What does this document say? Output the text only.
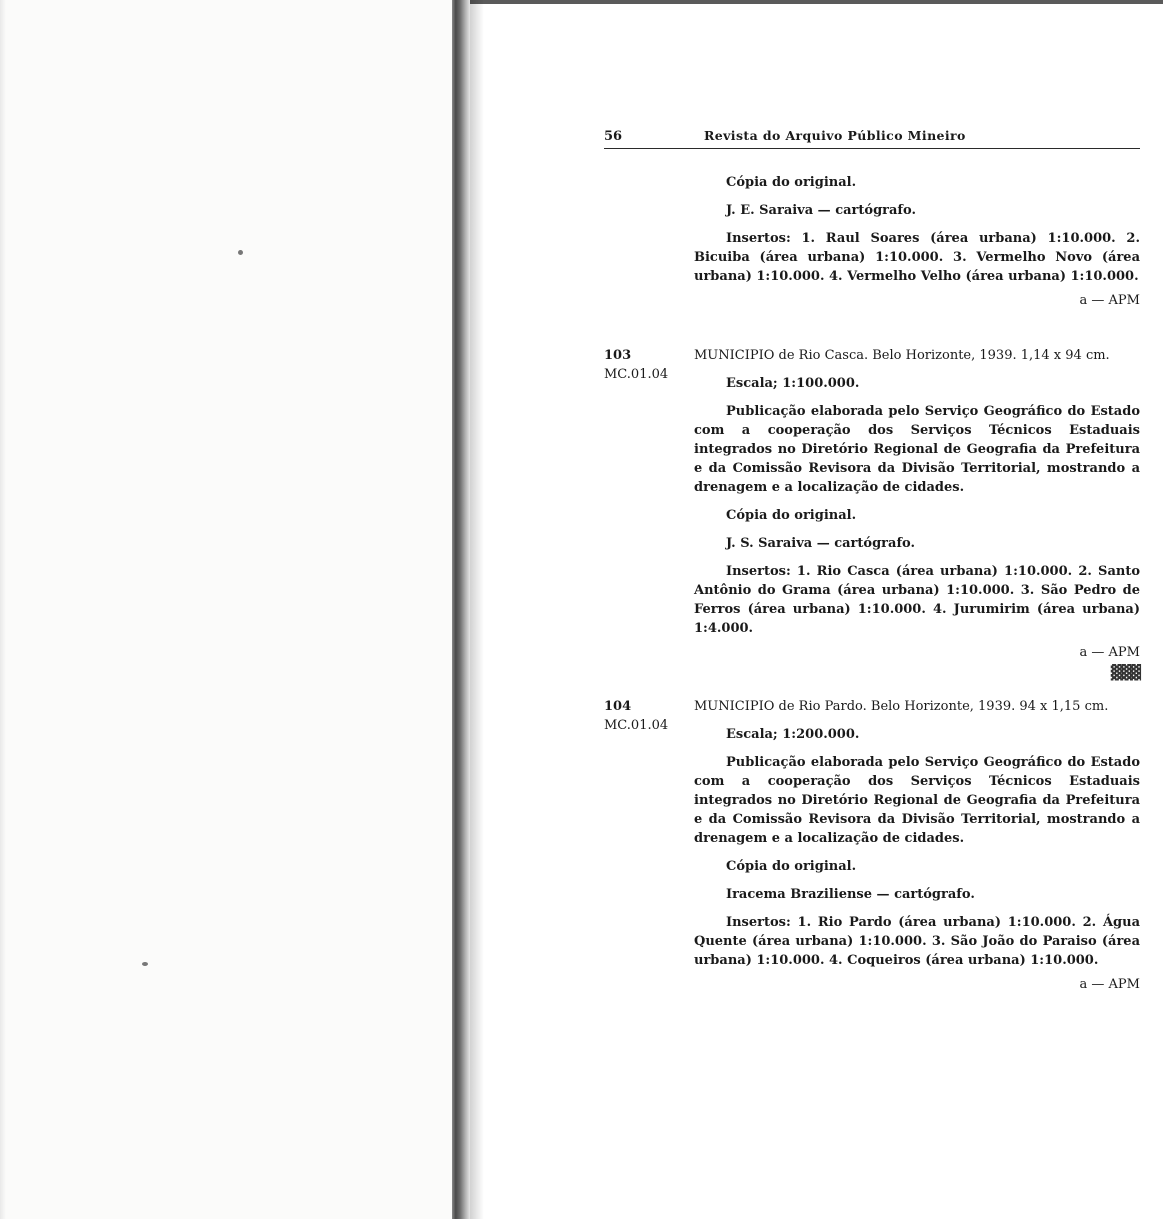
56	Revista do Arquivo Público Mineiro

Cópia do original.

J. E. Saraiva — cartógrafo.

Insertos: 1. Raul Soares (área urbana) 1:10.000. 2. Bicuiba (área urbana) 1:10.000. 3. Vermelho Novo (área urbana) 1:10.000. 4. Vermelho Velho (área urbana) 1:10.000.

a — APM

103
MC.01.04

MUNICIPIO de Rio Casca. Belo Horizonte, 1939. 1,14 x 94 cm.

Escala; 1:100.000.

Publicação elaborada pelo Serviço Geográfico do Estado com a cooperação dos Serviços Técnicos Estaduais integrados no Diretório Regional de Geografia da Prefeitura e da Comissão Revisora da Divisão Territorial, mostrando a drenagem e a localização de cidades.

Cópia do original.

J. S. Saraiva — cartógrafo.

Insertos: 1. Rio Casca (área urbana) 1:10.000. 2. Santo Antônio do Grama (área urbana) 1:10.000. 3. São Pedro de Ferros (área urbana) 1:10.000. 4. Jurumirim (área urbana) 1:4.000.

a — APM

▓▓▓
104
MC.01.04

MUNICIPIO de Rio Pardo. Belo Horizonte, 1939. 94 x 1,15 cm.

Escala; 1:200.000.

Publicação elaborada pelo Serviço Geográfico do Estado com a cooperação dos Serviços Técnicos Estaduais integrados no Diretório Regional de Geografia da Prefeitura e da Comissão Revisora da Divisão Territorial, mostrando a drenagem e a localização de cidades.

Cópia do original.

Iracema Braziliense — cartógrafo.

Insertos: 1. Rio Pardo (área urbana) 1:10.000. 2. Água Quente (área urbana) 1:10.000. 3. São João do Paraiso (área urbana) 1:10.000. 4. Coqueiros (área urbana) 1:10.000.

a — APM
